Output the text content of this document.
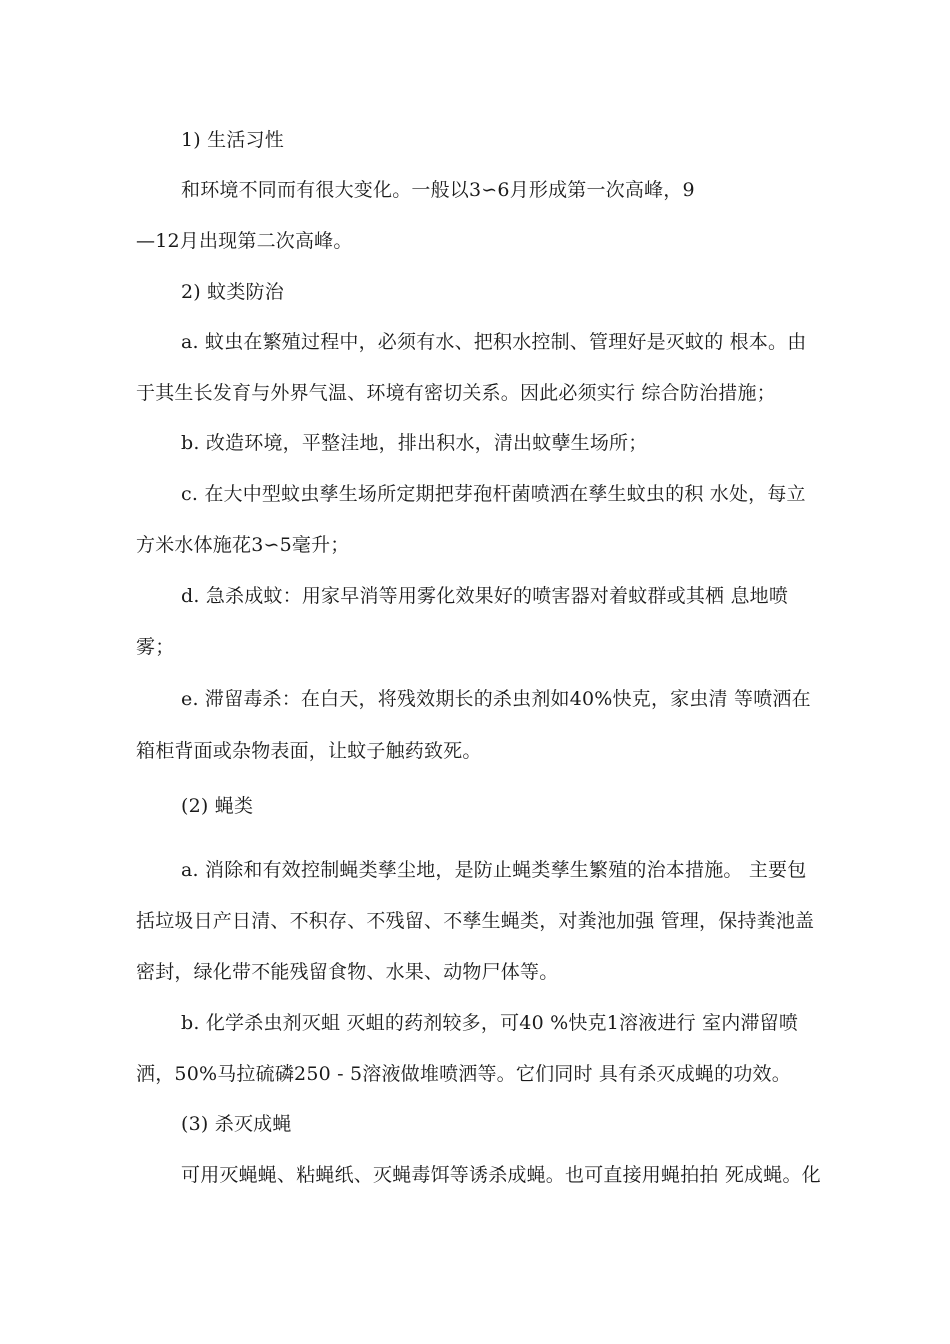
1) 生活习性
和环境不同而有很大变化。一般以3∽6月形成第一次高峰，9
—12月出现第二次高峰。
2) 蚊类防治
a. 蚊虫在繁殖过程中，必须有水、把积水控制、管理好是灭蚊的 根本。由
于其生长发育与外界气温、环境有密切关系。因此必须实行 综合防治措施；
b. 改造环境，平整洼地，排出积水，清出蚊孽生场所；
c. 在大中型蚊虫孳生场所定期把芽孢杆菌喷洒在孳生蚊虫的积 水处，每立
方米水体施花3∽5毫升；
d. 急杀成蚊：用家早消等用雾化效果好的喷害器对着蚊群或其栖 息地喷
雾；
e. 滞留毒杀：在白天，将残效期长的杀虫剂如40%快克，家虫清 等喷洒在
箱柜背面或杂物表面，让蚊子触药致死。
(2) 蝇类
a. 消除和有效控制蝇类孳尘地，是防止蝇类孳生繁殖的治本措施。 主要包
括垃圾日产日清、不积存、不残留、不孳生蝇类，对粪池加强 管理，保持粪池盖
密封，绿化带不能残留食物、水果、动物尸体等。
b. 化学杀虫剂灭蛆 灭蛆的药剂较多，可40 %快克1溶液进行 室内滞留喷
洒，50%马拉硫磷250 - 5溶液做堆喷洒等。它们同时 具有杀灭成蝇的功效。
(3) 杀灭成蝇
可用灭蝇蝇、粘蝇纸、灭蝇毒饵等诱杀成蝇。也可直接用蝇拍拍 死成蝇。化
